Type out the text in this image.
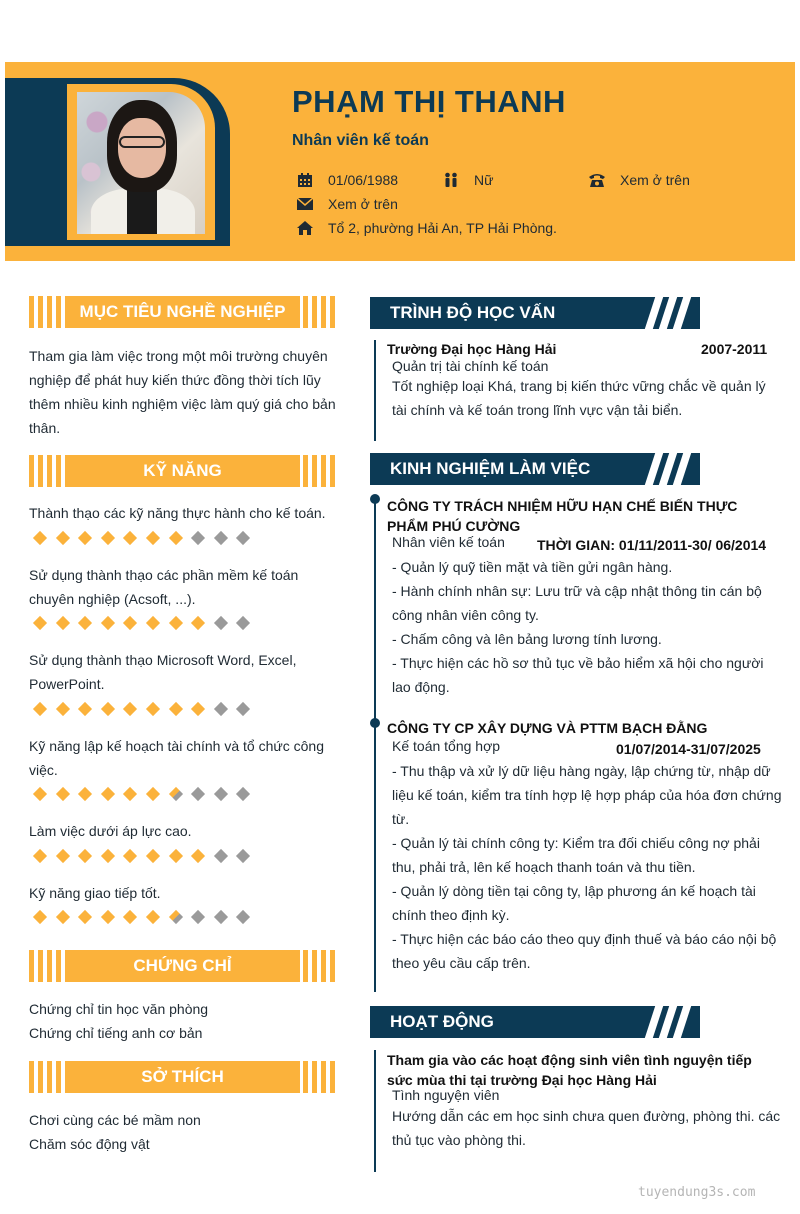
PHẠM THỊ THANH
Nhân viên kế toán
01/06/1988	Nữ	Xem ở trên
Xem ở trên
Tổ 2, phường Hải An, TP Hải Phòng.
MỤC TIÊU NGHỀ NGHIỆP
Tham gia làm việc trong một môi trường chuyên nghiệp để phát huy kiến thức đồng thời tích lũy thêm nhiều kinh nghiệm việc làm quý giá cho bản thân.
KỸ NĂNG
Thành thạo các kỹ năng thực hành cho kế toán.
Sử dụng thành thạo các phần mềm kế toán chuyên nghiệp (Acsoft, ...).
Sử dụng thành thạo Microsoft Word, Excel, PowerPoint.
Kỹ năng lập kế hoạch tài chính và tổ chức công việc.
Làm việc dưới áp lực cao.
Kỹ năng giao tiếp tốt.
CHỨNG CHỈ
Chứng chỉ tin học văn phòng
Chứng chỉ tiếng anh cơ bản
SỞ THÍCH
Chơi cùng các bé mầm non
Chăm sóc động vật
TRÌNH ĐỘ HỌC VẤN
Trường Đại học Hàng Hải	2007-2011
Quản trị tài chính kế toán
Tốt nghiệp loại Khá, trang bị kiến thức vững chắc về quản lý tài chính và kế toán trong lĩnh vực vận tải biển.
KINH NGHIỆM LÀM VIỆC
CÔNG TY TRÁCH NHIỆM HỮU HẠN CHẾ BIẾN THỰC PHẨM PHÚ CƯỜNG
Nhân viên kế toán THỜI GIAN: 01/11/2011-30/ 06/2014
- Quản lý quỹ tiền mặt và tiền gửi ngân hàng.
- Hành chính nhân sự: Lưu trữ và cập nhật thông tin cán bộ công nhân viên công ty.
- Chấm công và lên bảng lương tính lương.
- Thực hiện các hồ sơ thủ tục về bảo hiểm xã hội cho người lao động.
CÔNG TY CP XÂY DỰNG VÀ PTTM BẠCH ĐẰNG
Kế toán tổng hợp	01/07/2014-31/07/2025
- Thu thập và xử lý dữ liệu hàng ngày, lập chứng từ, nhập dữ liệu kế toán, kiểm tra tính hợp lệ hợp pháp của hóa đơn chứng từ.
- Quản lý tài chính công ty: Kiểm tra đối chiếu công nợ phải thu, phải trả, lên kế hoạch thanh toán và thu tiền.
- Quản lý dòng tiền tại công ty, lập phương án kế hoạch tài chính theo định kỳ.
- Thực hiện các báo cáo theo quy định thuế và báo cáo nội bộ theo yêu cầu cấp trên.
HOẠT ĐỘNG
Tham gia vào các hoạt động sinh viên tình nguyện tiếp sức mùa thi tại trường Đại học Hàng Hải
Tình nguyện viên
Hướng dẫn các em học sinh chưa quen đường, phòng thi. các thủ tục vào phòng thi.
tuyendung3s.com
